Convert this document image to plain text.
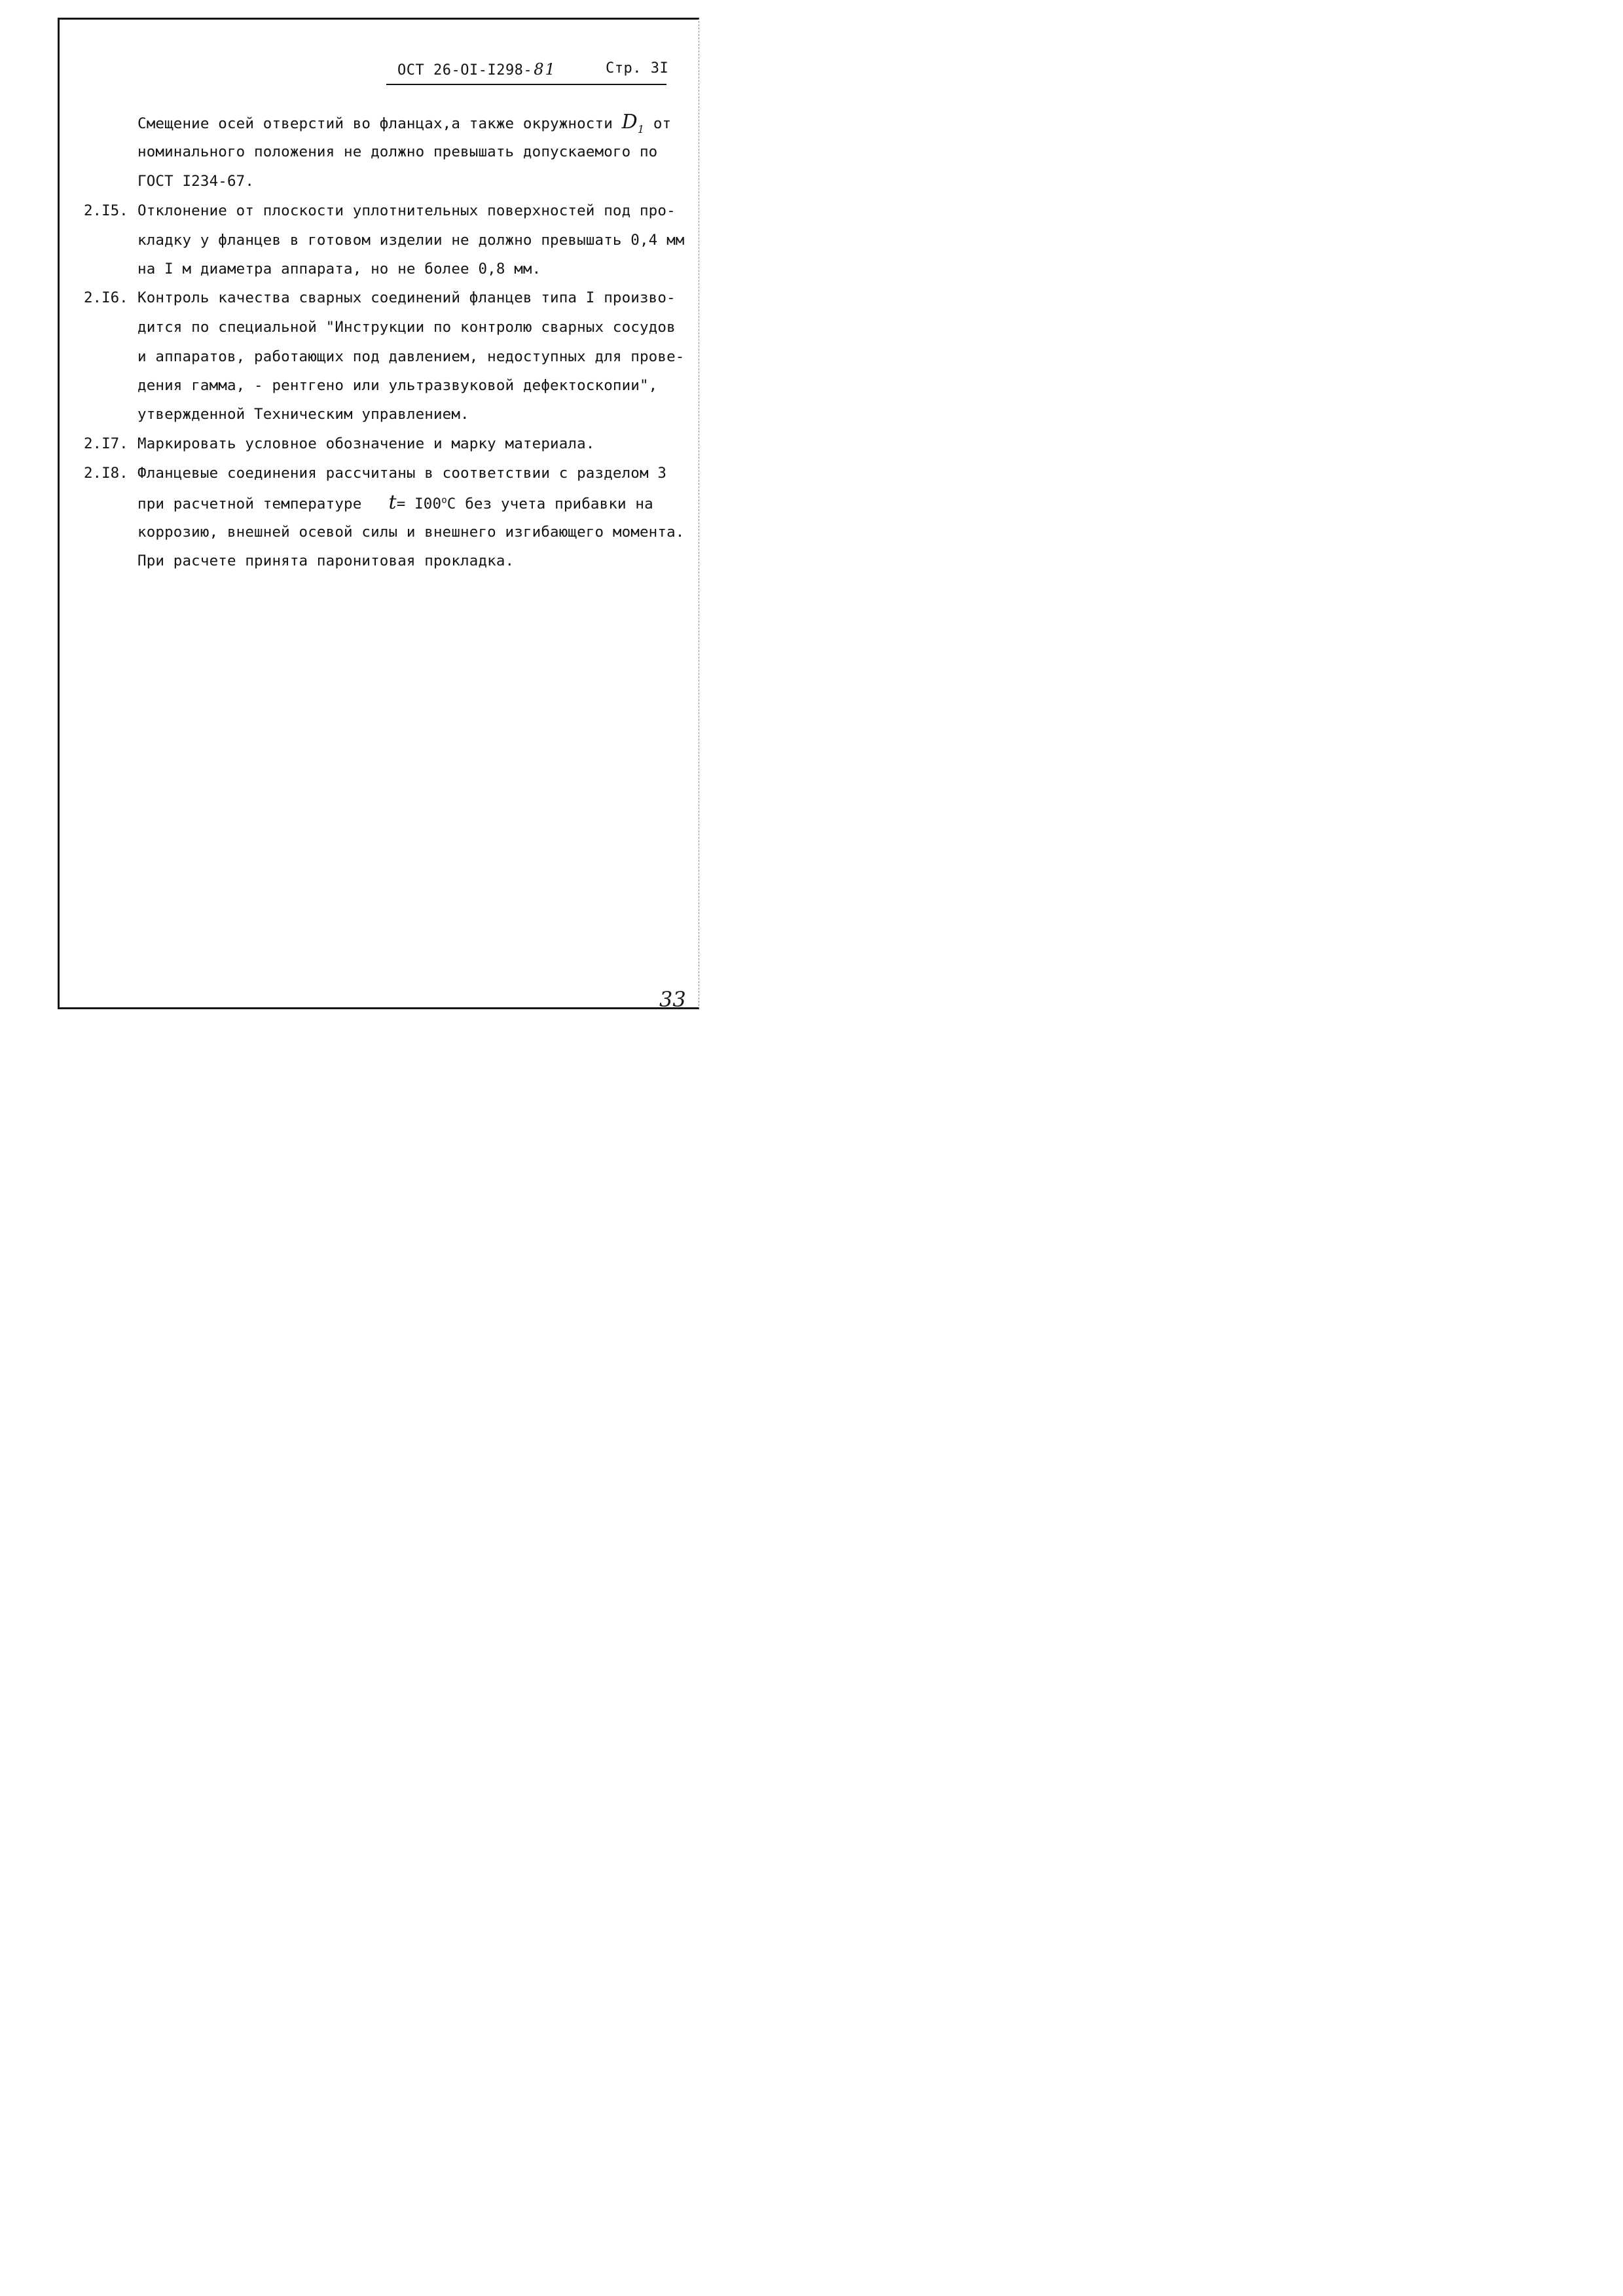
ОСТ 26-OI-I298-81	Стр. 3I
Смещение осей отверстий во фланцах,а также окружности $D_1$ от
номинального положения не должно превышать допускаемого по
ГОСТ I234-67.
2.I5. Отклонение от плоскости уплотнительных поверхностей под про-
кладку у фланцев в готовом изделии не должно превышать 0,4 мм
на I м диаметра аппарата, но не более 0,8 мм.
2.I6. Контроль качества сварных соединений фланцев типа I произво-
дится по специальной "Инструкции по контролю сварных сосудов
и аппаратов, работающих под давлением, недоступных для прове-
дения гамма, - рентгено или ультразвуковой дефектоскопии",
утвержденной Техническим управлением.
2.I7. Маркировать условное обозначение и марку материала.
2.I8. Фланцевые соединения рассчитаны в соответствии с разделом 3
при расчетной температуре $t= I00^oC$ без учета прибавки на
коррозию, внешней осевой силы и внешнего изгибающего момента.
При расчете принята паронитовая прокладка.
33
